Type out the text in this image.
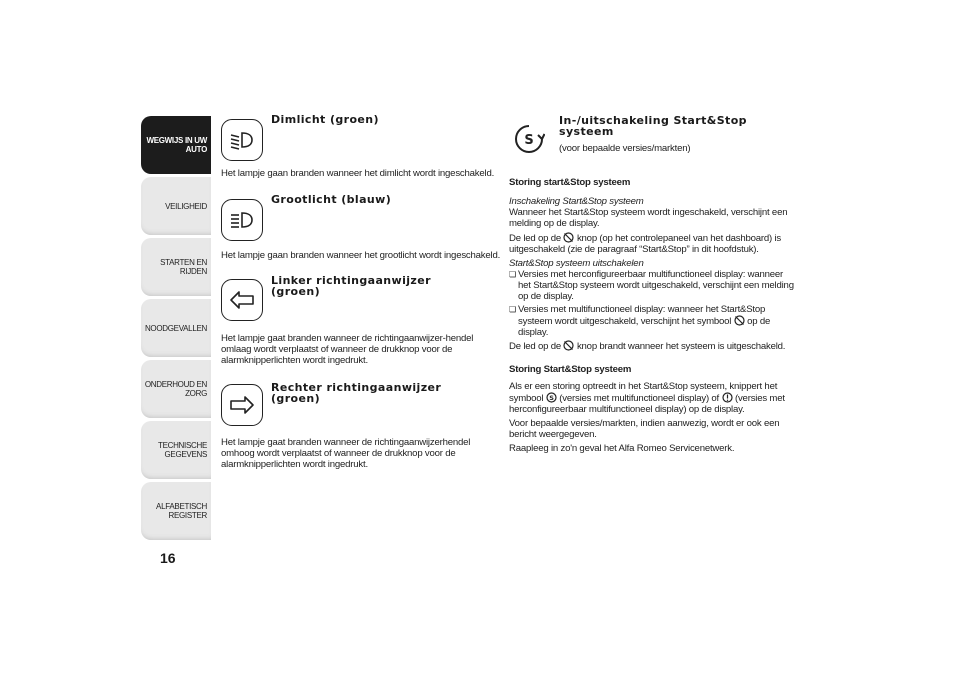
WEGWIJS IN UW AUTO
VEILIGHEID
STARTEN EN RIJDEN
NOODGEVALLEN
ONDERHOUD EN ZORG
TECHNISCHE GEGEVENS
ALFABETISCH REGISTER
16
Dimlicht (groen)
Het lampje gaan branden wanneer het dimlicht wordt ingeschakeld.
Grootlicht (blauw)
Het lampje gaan branden wanneer het grootlicht wordt ingeschakeld.
Linker richtingaanwijzer
(groen)

Het lampje gaat branden wanneer de richtingaanwijzer-hendel

omlaag wordt verplaatst of wanneer de drukknop voor de

alarmknipperlichten wordt ingedrukt.

Rechter richtingaanwijzer
(groen)

Het lampje gaat branden wanneer de richtingaanwijzerhendel

omhoog wordt verplaatst of wanneer de drukknop voor de

alarmknipperlichten wordt ingedrukt.

S
In-/uitschakeling Start&Stop
systeem
(voor bepaalde versies/markten)

Storing start&Stop systeem

Inschakeling Start&Stop systeem

Wanneer het Start&Stop systeem wordt ingeschakeld, verschijnt een

melding op de display.

De led op de knop (op het controlepaneel van het dashboard) is

uitgeschakeld (zie de paragraaf “Start&Stop” in dit hoofdstuk).

Start&Stop systeem uitschakelen

❏ Versies met herconfigureerbaar multifunctioneel display: wanneer

het Start&Stop systeem wordt uitgeschakeld, verschijnt een melding

op de display.

❏ Versies met multifunctioneel display: wanneer het Start&Stop

systeem wordt uitgeschakeld, verschijnt het symbool op de

display.

De led op de knop brandt wanneer het systeem is uitgeschakeld.

Storing Start&Stop systeem

Als er een storing optreedt in het Start&Stop systeem, knippert het

symbool S (versies met multifunctioneel display) of (versies met

herconfigureerbaar multifunctioneel display) op de display.

Voor bepaalde versies/markten, indien aanwezig, wordt er ook een

bericht weergegeven.

Raapleeg in zo'n geval het Alfa Romeo Servicenetwerk.
